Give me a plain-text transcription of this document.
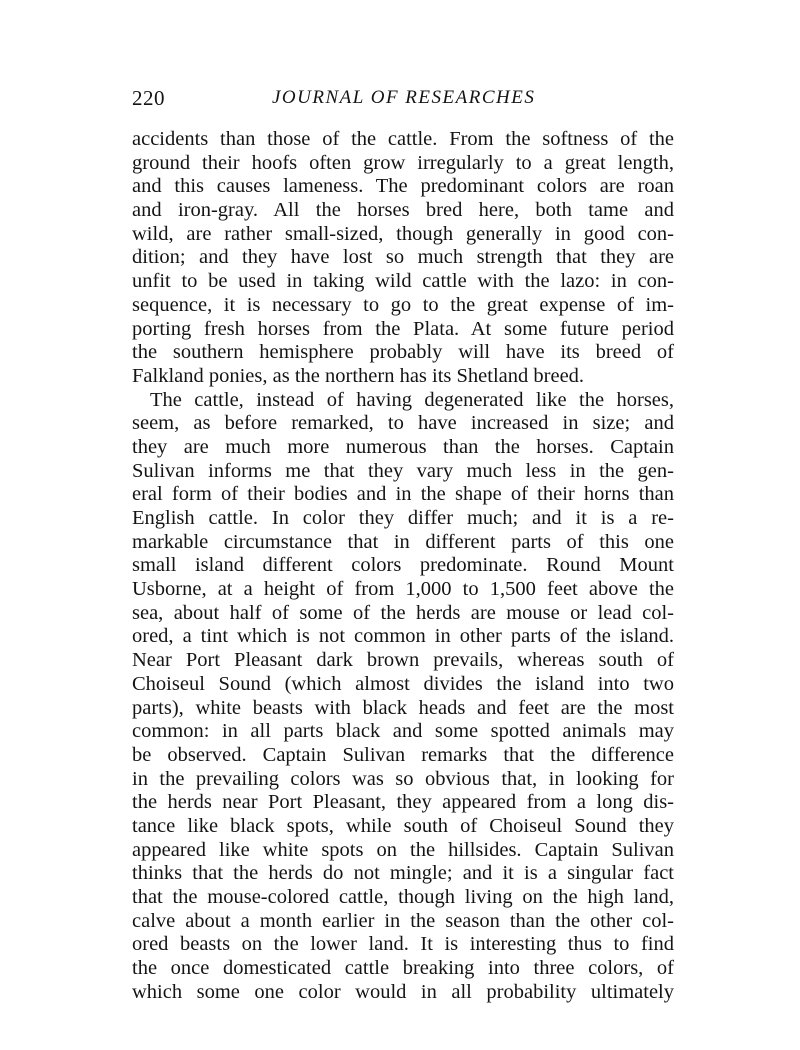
220	JOURNAL OF RESEARCHES
accidents than those of the cattle. From the softness of the
ground their hoofs often grow irregularly to a great length,
and this causes lameness. The predominant colors are roan
and iron-gray. All the horses bred here, both tame and
wild, are rather small-sized, though generally in good con-
dition; and they have lost so much strength that they are
unfit to be used in taking wild cattle with the lazo: in con-
sequence, it is necessary to go to the great expense of im-
porting fresh horses from the Plata. At some future period
the southern hemisphere probably will have its breed of
Falkland ponies, as the northern has its Shetland breed.
The cattle, instead of having degenerated like the horses,
seem, as before remarked, to have increased in size; and
they are much more numerous than the horses. Captain
Sulivan informs me that they vary much less in the gen-
eral form of their bodies and in the shape of their horns than
English cattle. In color they differ much; and it is a re-
markable circumstance that in different parts of this one
small island different colors predominate. Round Mount
Usborne, at a height of from 1,000 to 1,500 feet above the
sea, about half of some of the herds are mouse or lead col-
ored, a tint which is not common in other parts of the island.
Near Port Pleasant dark brown prevails, whereas south of
Choiseul Sound (which almost divides the island into two
parts), white beasts with black heads and feet are the most
common: in all parts black and some spotted animals may
be observed. Captain Sulivan remarks that the difference
in the prevailing colors was so obvious that, in looking for
the herds near Port Pleasant, they appeared from a long dis-
tance like black spots, while south of Choiseul Sound they
appeared like white spots on the hillsides. Captain Sulivan
thinks that the herds do not mingle; and it is a singular fact
that the mouse-colored cattle, though living on the high land,
calve about a month earlier in the season than the other col-
ored beasts on the lower land. It is interesting thus to find
the once domesticated cattle breaking into three colors, of
which some one color would in all probability ultimately
